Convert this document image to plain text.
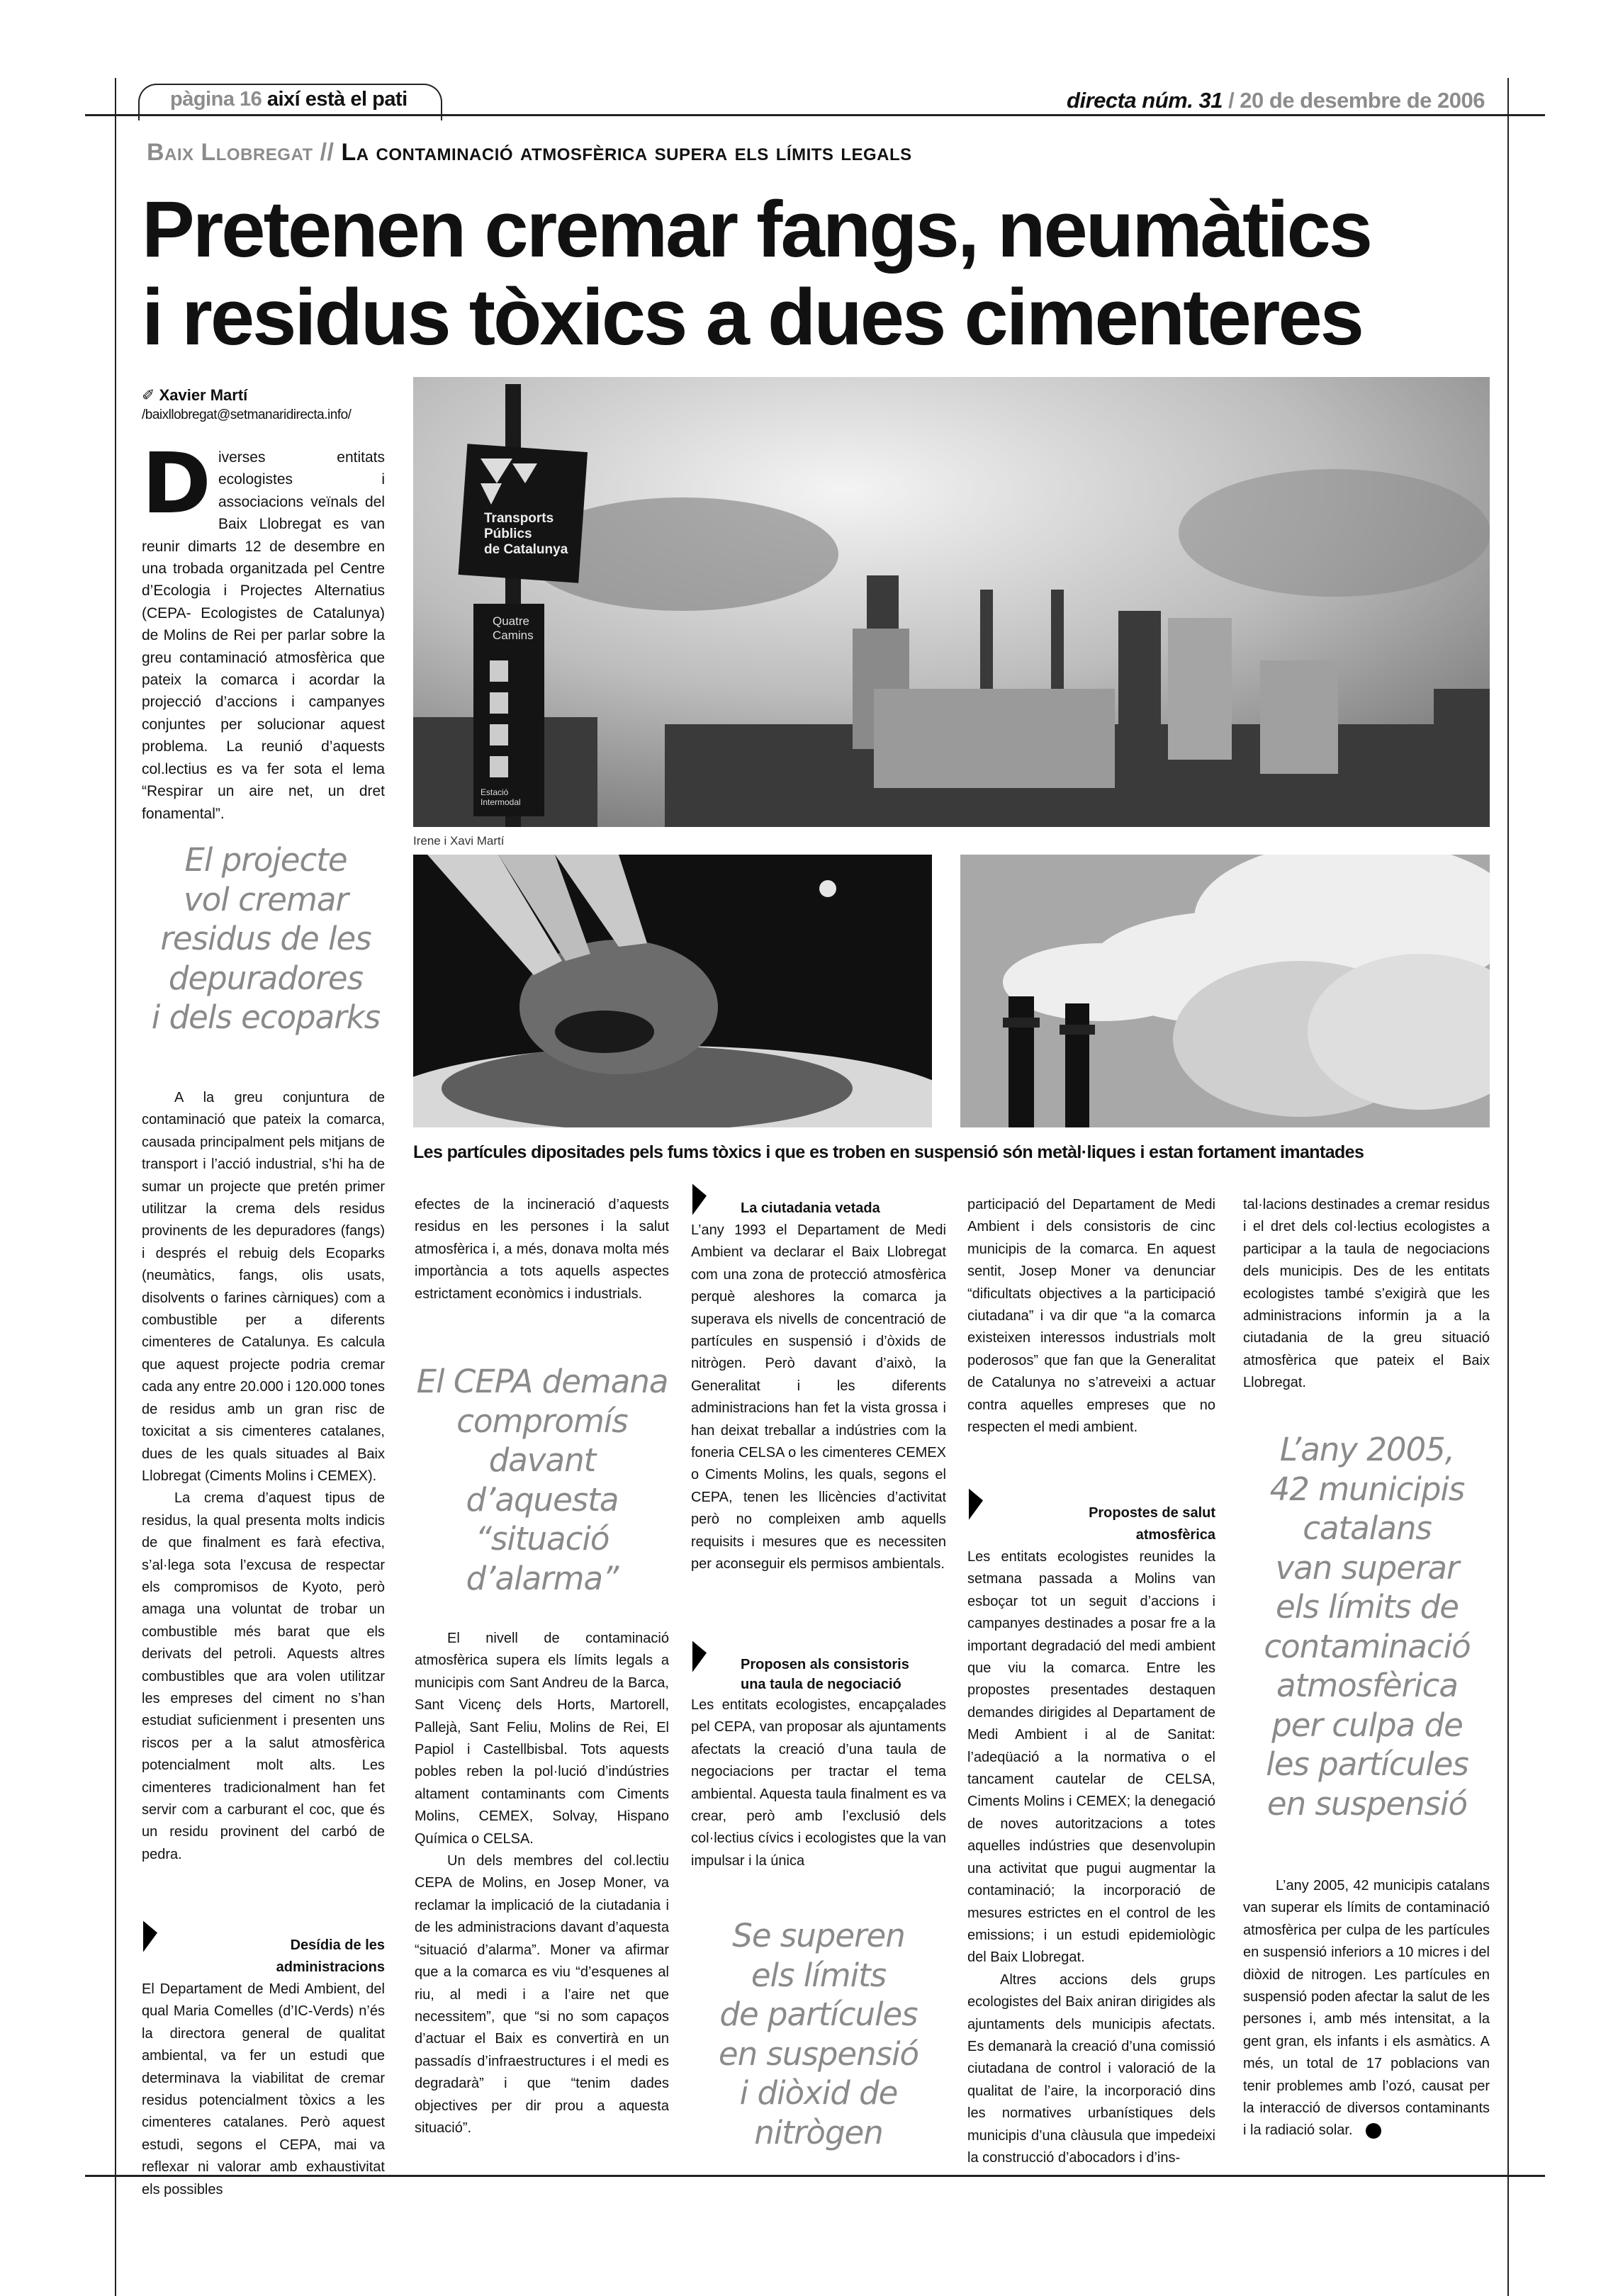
pàgina 16 així està el pati	directa núm. 31 / 20 de desembre de 2006
Baix Llobregat // La contaminació atmosfèrica supera els límits legals
Pretenen cremar fangs, neumàtics
i residus tòxics a dues cimenteres
✐ Xavier Martí
/baixllobregat@setmanaridirecta.info/
D iverses entitats ecologistes i associacions veïnals del Baix Llobregat es van reunir dimarts 12 de desembre en una trobada organitzada pel Centre d’Ecologia i Projectes Alternatius (CEPA- Ecologistes de Catalunya) de Molins de Rei per parlar sobre la greu contaminació atmosfèrica que pateix la comarca i acordar la projecció d’accions i campanyes conjuntes per solucionar aquest problema. La reunió d’aquests col.lectius es va fer sota el lema “Respirar un aire net, un dret fonamental”.
El projecte
vol cremar
residus de les
depuradores
i dels ecoparks
Transports Públics de Catalunya
Quatre Camins
Estació Intermodal
Irene i Xavi Martí
Les partícules dipositades pels fums tòxics i que es troben en suspensió són metàl·liques i estan fortament imantades

A la greu conjuntura de contaminació que pateix la comarca, causada principalment pels mitjans de transport i l’acció industrial, s’hi ha de sumar un projecte que pretén primer utilitzar la crema dels residus provinents de les depuradores (fangs) i després el rebuig dels Ecoparks (neumàtics, fangs, olis usats, disolvents o farines càrniques) com a combustible per a diferents cimenteres de Catalunya. Es calcula que aquest projecte podria cremar cada any entre 20.000 i 120.000 tones de residus amb un gran risc de toxicitat a sis cimenteres catalanes, dues de les quals situades al Baix Llobregat (Ciments Molins i CEMEX).

La crema d’aquest tipus de residus, la qual presenta molts indicis de que finalment es farà efectiva, s’al·lega sota l’excusa de respectar els compromisos de Kyoto, però amaga una voluntat de trobar un combustible més barat que els derivats del petroli. Aquests altres combustibles que ara volen utilitzar les empreses del ciment no s’han estudiat suficienment i presenten uns riscos per a la salut atmosfèrica potencialment molt alts. Les cimenteres tradicionalment han fet servir com a carburant el coc, que és un residu provinent del carbó de pedra.

Desídia de les administracions

El Departament de Medi Ambient, del qual Maria Comelles (d’IC-Verds) n’és la directora general de qualitat ambiental, va fer un estudi que determinava la viabilitat de cremar residus potencialment tòxics a les cimenteres catalanes. Però aquest estudi, segons el CEPA, mai va reflexar ni valorar amb exhaustivitat els possibles

efectes de la incineració d’aquests residus en les persones i la salut atmosfèrica i, a més, donava molta més importància a tots aquells aspectes estrictament econòmics i industrials.

El CEPA demana
compromís
davant
d’aquesta
“situació
d’alarma”

El nivell de contaminació atmosfèrica supera els límits legals a municipis com Sant Andreu de la Barca, Sant Vicenç dels Horts, Martorell, Pallejà, Sant Feliu, Molins de Rei, El Papiol i Castellbisbal. Tots aquests pobles reben la pol·lució d’indústries altament contaminants com Ciments Molins, CEMEX, Solvay, Hispano Química o CELSA.

Un dels membres del col.lectiu CEPA de Molins, en Josep Moner, va reclamar la implicació de la ciutadania i de les administracions davant d’aquesta “situació d’alarma”. Moner va afirmar que a la comarca es viu “d’esquenes al riu, al medi i a l’aire net que necessitem”, que “si no som capaços d’actuar el Baix es convertirà en un passadís d’infraestructures i el medi es degradarà” i que “tenim dades objectives per dir prou a aquesta situació”.

La ciutadania vetada

L’any 1993 el Departament de Medi Ambient va declarar el Baix Llobregat com una zona de protecció atmosfèrica perquè aleshores la comarca ja superava els nivells de concentració de partícules en suspensió i d’òxids de nitrògen. Però davant d’això, la Generalitat i les diferents administracions han fet la vista grossa i han deixat treballar a indústries com la foneria CELSA o les cimenteres CEMEX o Ciments Molins, les quals, segons el CEPA, tenen les llicències d’activitat però no compleixen amb aquells requisits i mesures que es necessiten per aconseguir els permisos ambientals.

Proposen als consistoris
una taula de negociació

Les entitats ecologistes, encapçalades pel CEPA, van proposar als ajuntaments afectats la creació d’una taula de negociacions per tractar el tema ambiental. Aquesta taula finalment es va crear, però amb l’exclusió dels col·lectius cívics i ecologistes que la van impulsar i la única

Se superen
els límits
de partícules
en suspensió
i diòxid de
nitrògen

participació del Departament de Medi Ambient i dels consistoris de cinc municipis de la comarca. En aquest sentit, Josep Moner va denunciar “dificultats objectives a la participació ciutadana” i va dir que “a la comarca existeixen interessos industrials molt poderosos” que fan que la Generalitat de Catalunya no s’atreveixi a actuar contra aquelles empreses que no respecten el medi ambient.

Propostes de salut atmosfèrica

Les entitats ecologistes reunides la setmana passada a Molins van esboçar tot un seguit d’accions i campanyes destinades a posar fre a la important degradació del medi ambient que viu la comarca. Entre les propostes presentades destaquen demandes dirigides al Departament de Medi Ambient i al de Sanitat: l’adeqüació a la normativa o el tancament cautelar de CELSA, Ciments Molins i CEMEX; la denegació de noves autoritzacions a totes aquelles indústries que desenvolupin una activitat que pugui augmentar la contaminació; la incorporació de mesures estrictes en el control de les emissions; i un estudi epidemiològic del Baix Llobregat.

Altres accions dels grups ecologistes del Baix aniran dirigides als ajuntaments dels municipis afectats. Es demanarà la creació d’una comissió ciutadana de control i valoració de la qualitat de l’aire, la incorporació dins les normatives urbanístiques dels municipis d’una clàusula que impedeixi la construcció d’abocadors i d’ins-

tal·lacions destinades a cremar residus i el dret dels col·lectius ecologistes a participar a la taula de negociacions dels municipis. Des de les entitats ecologistes també s’exigirà que les administracions informin ja a la ciutadania de la greu situació atmosfèrica que pateix el Baix Llobregat.

L’any 2005,
42 municipis
catalans
van superar
els límits de
contaminació
atmosfèrica
per culpa de
les partícules
en suspensió

L’any 2005, 42 municipis catalans van superar els límits de contaminació atmosfèrica per culpa de les partícules en suspensió inferiors a 10 micres i del diòxid de nitrogen. Les partícules en suspensió poden afectar la salut de les persones i, amb més intensitat, a la gent gran, els infants i els asmàtics. A més, un total de 17 poblacions van tenir problemes amb l’ozó, causat per la interacció de diversos contaminants i la radiació solar.	d
